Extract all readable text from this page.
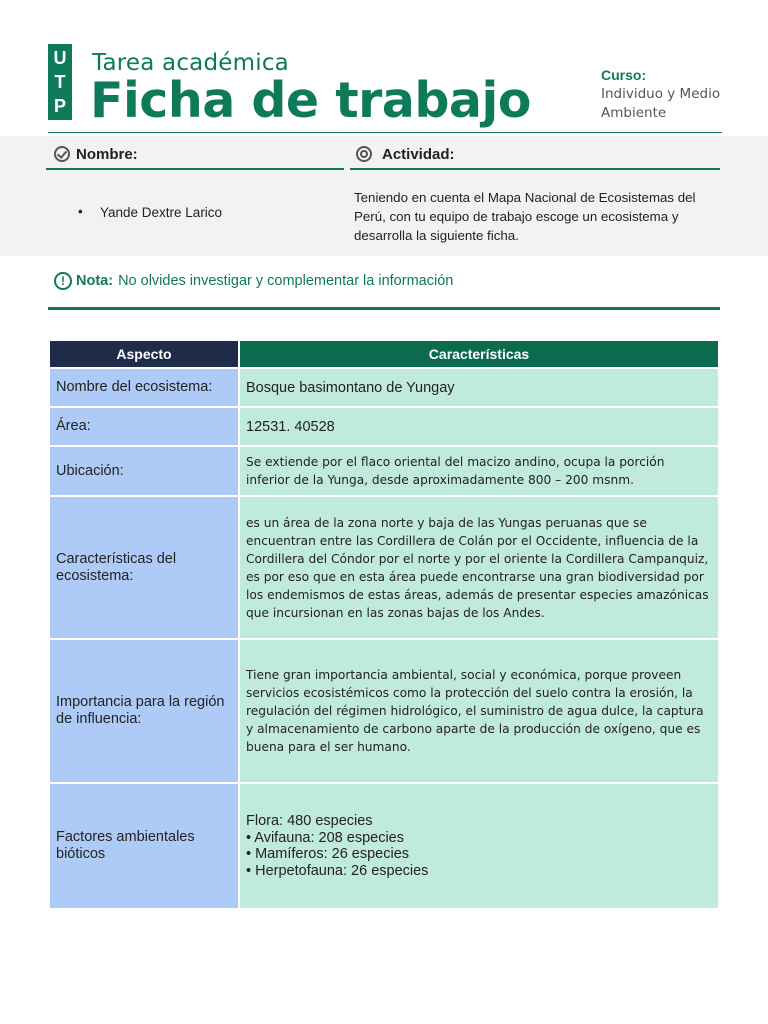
U
T
P
Tarea académica
Ficha de trabajo	Curso:
Individuo y Medio Ambiente
Nombre:	Actividad:
• Yande Dextre Larico
Teniendo en cuenta el Mapa Nacional de Ecosistemas del Perú, con tu equipo de trabajo escoge un ecosistema y desarrolla la siguiente ficha.
! Nota: No olvides investigar y complementar la información
Aspecto	Características
Nombre del ecosistema:	Bosque basimontano de Yungay
Área:	12531. 40528
Ubicación:	Se extiende por el flaco oriental del macizo andino, ocupa la porción inferior de la Yunga, desde aproximadamente 800 – 200 msnm.
Características del ecosistema:	es un área de la zona norte y baja de las Yungas peruanas que se encuentran entre las Cordillera de Colán por el Occidente, influencia de la Cordillera del Cóndor por el norte y por el oriente la Cordillera Campanquiz, es por eso que en esta área puede encontrarse una gran biodiversidad por los endemismos de estas áreas, además de presentar especies amazónicas que incursionan en las zonas bajas de los Andes.
Importancia para la región de influencia:	Tiene gran importancia ambiental, social y económica, porque proveen servicios ecosistémicos como la protección del suelo contra la erosión, la regulación del régimen hidrológico, el suministro de agua dulce, la captura y almacenamiento de carbono aparte de la producción de oxígeno, que es buena para el ser humano.
Factores ambientales bióticos	Flora: 480 especies
• Avifauna: 208 especies
• Mamíferos: 26 especies
• Herpetofauna: 26 especies
